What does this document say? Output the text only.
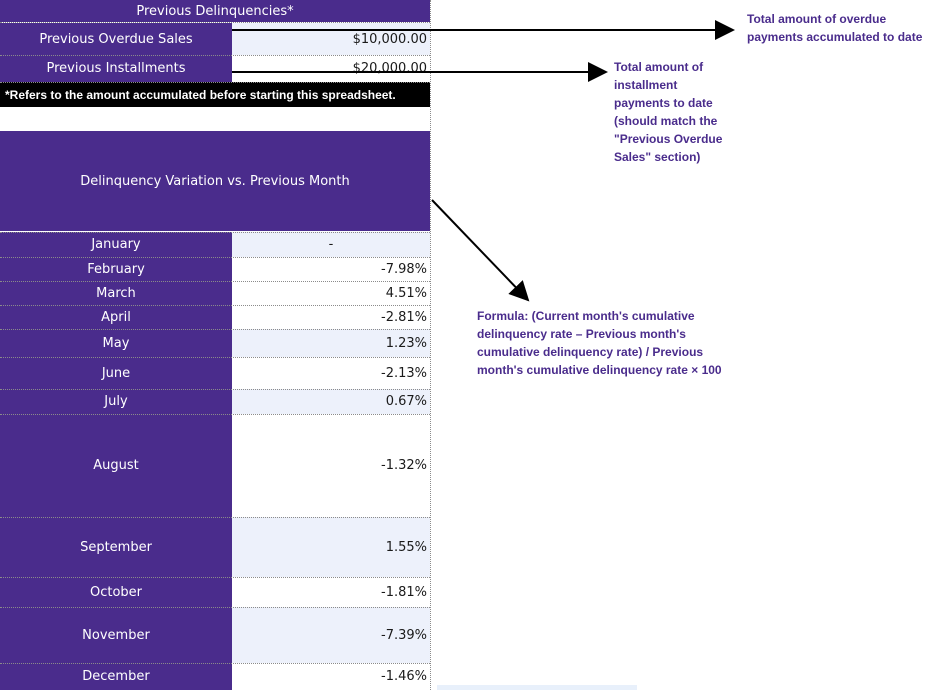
Previous Delinquencies*
Previous Overdue Sales	$10,000.00
Previous Installments	$20,000.00
*Refers to the amount accumulated before starting this spreadsheet.
Delinquency Variation vs. Previous Month
January	-
February	-7.98%
March	4.51%
April	-2.81%
May	1.23%
June	-2.13%
July	0.67%
August	-1.32%
September	1.55%
October	-1.81%
November	-7.39%
December	-1.46%
Total amount of overdue
payments accumulated to date
Total amount of
installment
payments to date
(should match the
"Previous Overdue
Sales" section)
Formula: (Current month's cumulative
delinquency rate – Previous month's
cumulative delinquency rate) / Previous
month's cumulative delinquency rate × 100
